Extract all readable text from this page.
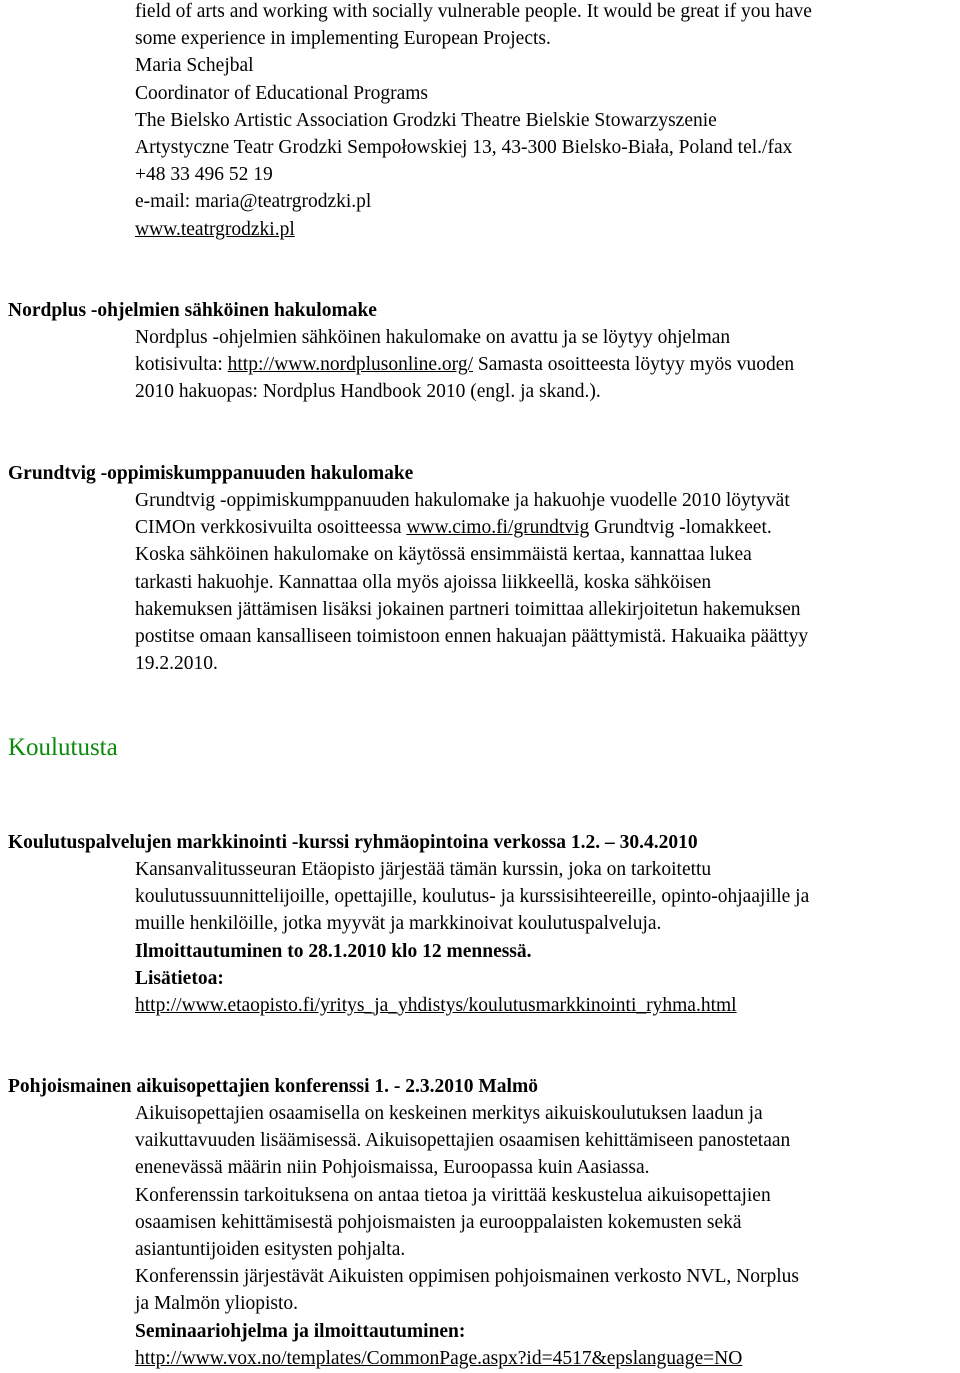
field of arts and working with socially vulnerable people. It would be great if you have
some experience in implementing European Projects.
Maria Schejbal
Coordinator of Educational Programs
The Bielsko Artistic Association Grodzki Theatre Bielskie Stowarzyszenie
Artystyczne Teatr Grodzki Sempołowskiej 13, 43-300 Bielsko-Biała, Poland tel./fax
+48 33 496 52 19
e-mail: maria@teatrgrodzki.pl
www.teatrgrodzki.pl
Nordplus -ohjelmien sähköinen hakulomake
Nordplus -ohjelmien sähköinen hakulomake on avattu ja se löytyy ohjelman
kotisivulta: http://www.nordplusonline.org/ Samasta osoitteesta löytyy myös vuoden
2010 hakuopas: Nordplus Handbook 2010 (engl. ja skand.).
Grundtvig -oppimiskumppanuuden hakulomake
Grundtvig -oppimiskumppanuuden hakulomake ja hakuohje vuodelle 2010 löytyvät
CIMOn verkkosivuilta osoitteessa www.cimo.fi/grundtvig Grundtvig -lomakkeet.
Koska sähköinen hakulomake on käytössä ensimmäistä kertaa, kannattaa lukea
tarkasti hakuohje. Kannattaa olla myös ajoissa liikkeellä, koska sähköisen
hakemuksen jättämisen lisäksi jokainen partneri toimittaa allekirjoitetun hakemuksen
postitse omaan kansalliseen toimistoon ennen hakuajan päättymistä. Hakuaika päättyy
19.2.2010.
Koulutusta
Koulutuspalvelujen markkinointi -kurssi ryhmäopintoina verkossa 1.2. – 30.4.2010
Kansanvalitusseuran Etäopisto järjestää tämän kurssin, joka on tarkoitettu
koulutussuunnittelijoille, opettajille, koulutus- ja kurssisihteereille, opinto-ohjaajille ja
muille henkilöille, jotka myyvät ja markkinoivat koulutuspalveluja.
Ilmoittautuminen to 28.1.2010 klo 12 mennessä.
Lisätietoa:
http://www.etaopisto.fi/yritys_ja_yhdistys/koulutusmarkkinointi_ryhma.html
Pohjoismainen aikuisopettajien konferenssi 1. - 2.3.2010 Malmö
Aikuisopettajien osaamisella on keskeinen merkitys aikuiskoulutuksen laadun ja
vaikuttavuuden lisäämisessä. Aikuisopettajien osaamisen kehittämiseen panostetaan
enenevässä määrin niin Pohjoismaissa, Euroopassa kuin Aasiassa.
Konferenssin tarkoituksena on antaa tietoa ja virittää keskustelua aikuisopettajien
osaamisen kehittämisestä pohjoismaisten ja eurooppalaisten kokemusten sekä
asiantuntijoiden esitysten pohjalta.
Konferenssin järjestävät Aikuisten oppimisen pohjoismainen verkosto NVL, Norplus
ja Malmön yliopisto.
Seminaariohjelma ja ilmoittautuminen:
http://www.vox.no/templates/CommonPage.aspx?id=4517&epslanguage=NO
